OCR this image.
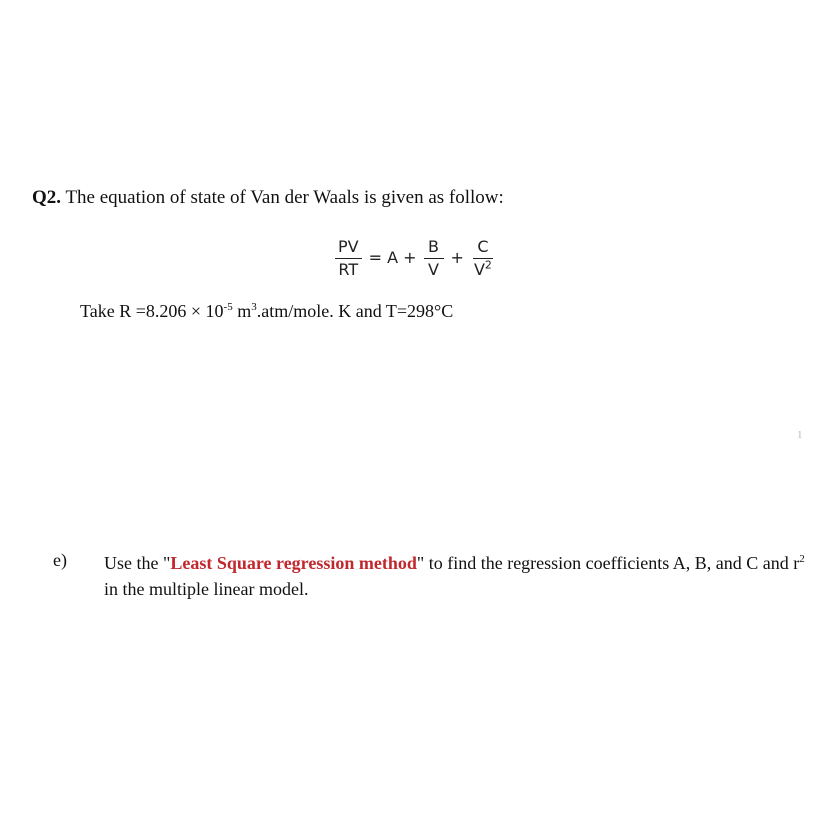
Q2. The equation of state of Van der Waals is given as follow:
$\frac{PV}{RT} = A + \frac{B}{V} + \frac{C}{V^2}$
Take $R =8.206 \times 10^{-5}$ $m^3.atm$/mole. K and T=298°C
1
e) Use the "Least Square regression method" to find the regression coefficients A, B, and C and $r^2$ in the multiple linear model.
